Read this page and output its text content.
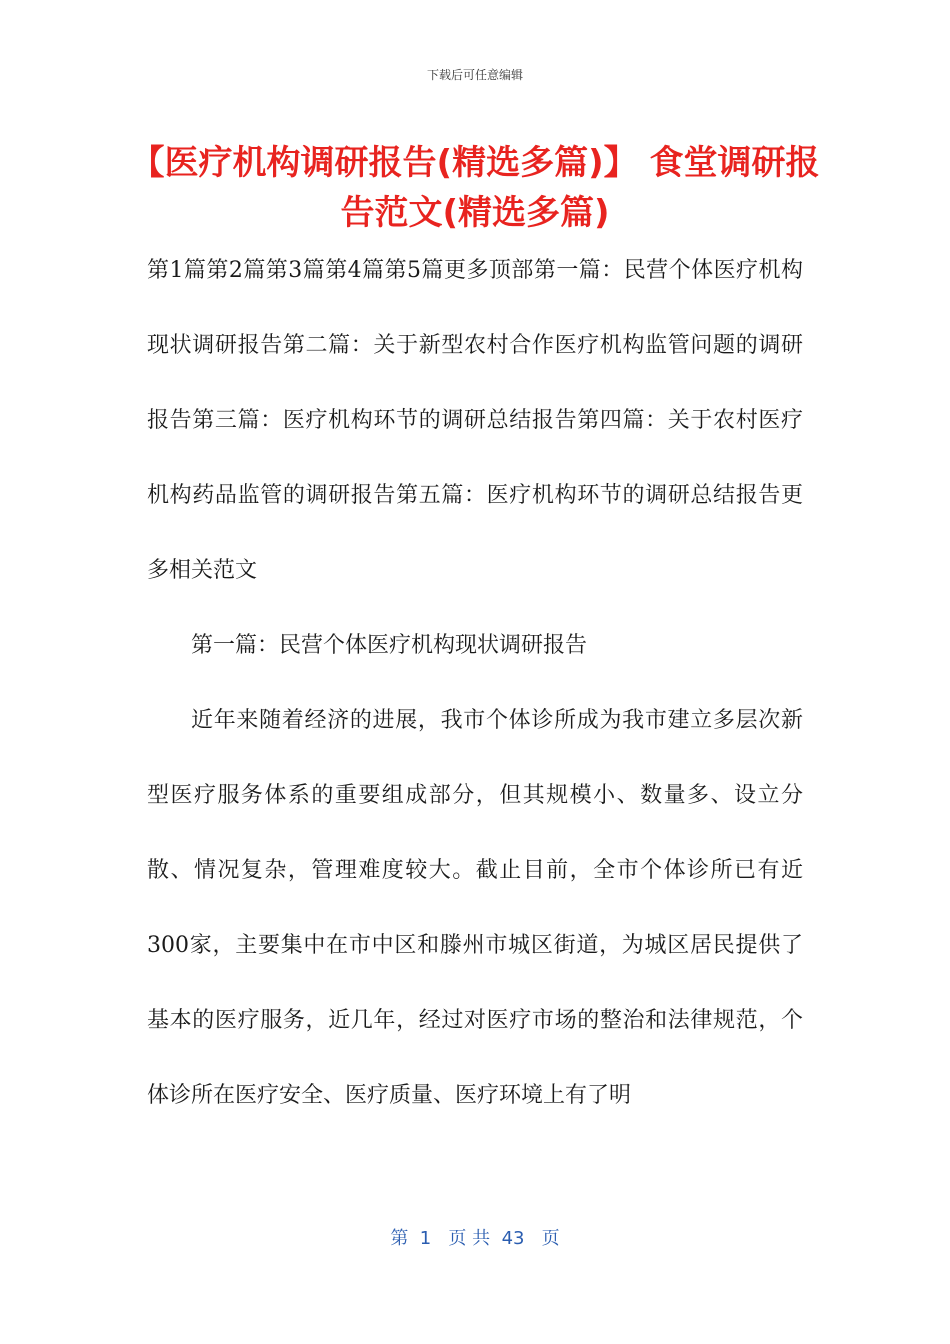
下载后可任意编辑
【医疗机构调研报告(精选多篇)】 食堂调研报告范文(精选多篇)

第1篇第2篇第3篇第4篇第5篇更多顶部第一篇：民营个体医疗机构现状调研报告第二篇：关于新型农村合作医疗机构监管问题的调研报告第三篇：医疗机构环节的调研总结报告第四篇：关于农村医疗机构药品监管的调研报告第五篇：医疗机构环节的调研总结报告更多相关范文

第一篇：民营个体医疗机构现状调研报告

近年来随着经济的进展，我市个体诊所成为我市建立多层次新型医疗服务体系的重要组成部分，但其规模小、数量多、设立分散、情况复杂，管理难度较大。截止目前，全市个体诊所已有近300家，主要集中在市中区和滕州市城区街道，为城区居民提供了基本的医疗服务，近几年，经过对医疗市场的整治和法律规范，个体诊所在医疗安全、医疗质量、医疗环境上有了明

第  1   页 共  43   页
